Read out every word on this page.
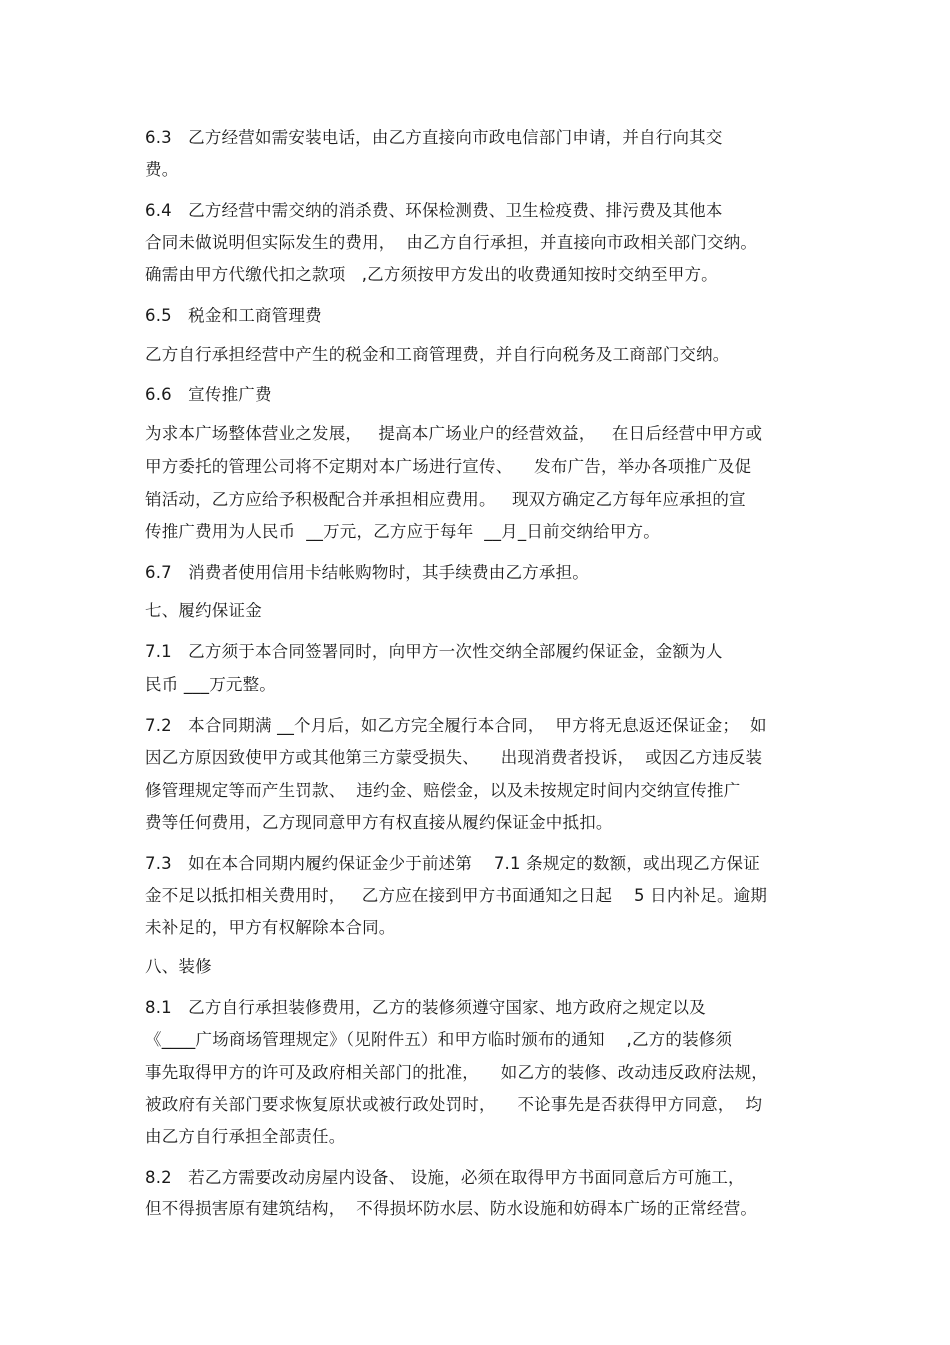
6.3   乙方经营如需安装电话，由乙方直接向市政电信部门申请，并自行向其交
费。
6.4   乙方经营中需交纳的消杀费、环保检测费、卫生检疫费、排污费及其他本
合同未做说明但实际发生的费用，  由乙方自行承担，并直接向市政相关部门交纳。
确需由甲方代缴代扣之款项   ,乙方须按甲方发出的收费通知按时交纳至甲方。
6.5   税金和工商管理费
乙方自行承担经营中产生的税金和工商管理费，并自行向税务及工商部门交纳。
6.6   宣传推广费
为求本广场整体营业之发展，   提高本广场业户的经营效益，   在日后经营中甲方或
甲方委托的管理公司将不定期对本广场进行宣传、    发布广告，举办各项推广及促
销活动，乙方应给予积极配合并承担相应费用。   现双方确定乙方每年应承担的宣
传推广费用为人民币  __万元，乙方应于每年  __月_日前交纳给甲方。
6.7   消费者使用信用卡结帐购物时，其手续费由乙方承担。
七、履约保证金
7.1   乙方须于本合同签署同时，向甲方一次性交纳全部履约保证金，金额为人
民币 ___万元整。
7.2   本合同期满 __个月后，如乙方完全履行本合同，  甲方将无息返还保证金；  如
因乙方原因致使甲方或其他第三方蒙受损失、    出现消费者投诉，  或因乙方违反装
修管理规定等而产生罚款、  违约金、赔偿金，以及未按规定时间内交纳宣传推广
费等任何费用，乙方现同意甲方有权直接从履约保证金中抵扣。
7.3   如在本合同期内履约保证金少于前述第    7.1 条规定的数额，或出现乙方保证
金不足以抵扣相关费用时，   乙方应在接到甲方书面通知之日起    5 日内补足。逾期
未补足的，甲方有权解除本合同。
八、装修
8.1   乙方自行承担装修费用，乙方的装修须遵守国家、地方政府之规定以及
《____广场商场管理规定》（见附件五）和甲方临时颁布的通知    ,乙方的装修须
事先取得甲方的许可及政府相关部门的批准，    如乙方的装修、改动违反政府法规，
被政府有关部门要求恢复原状或被行政处罚时，    不论事先是否获得甲方同意，  均
由乙方自行承担全部责任。
8.2   若乙方需要改动房屋内设备、 设施，必须在取得甲方书面同意后方可施工，
但不得损害原有建筑结构，  不得损坏防水层、防水设施和妨碍本广场的正常经营。
